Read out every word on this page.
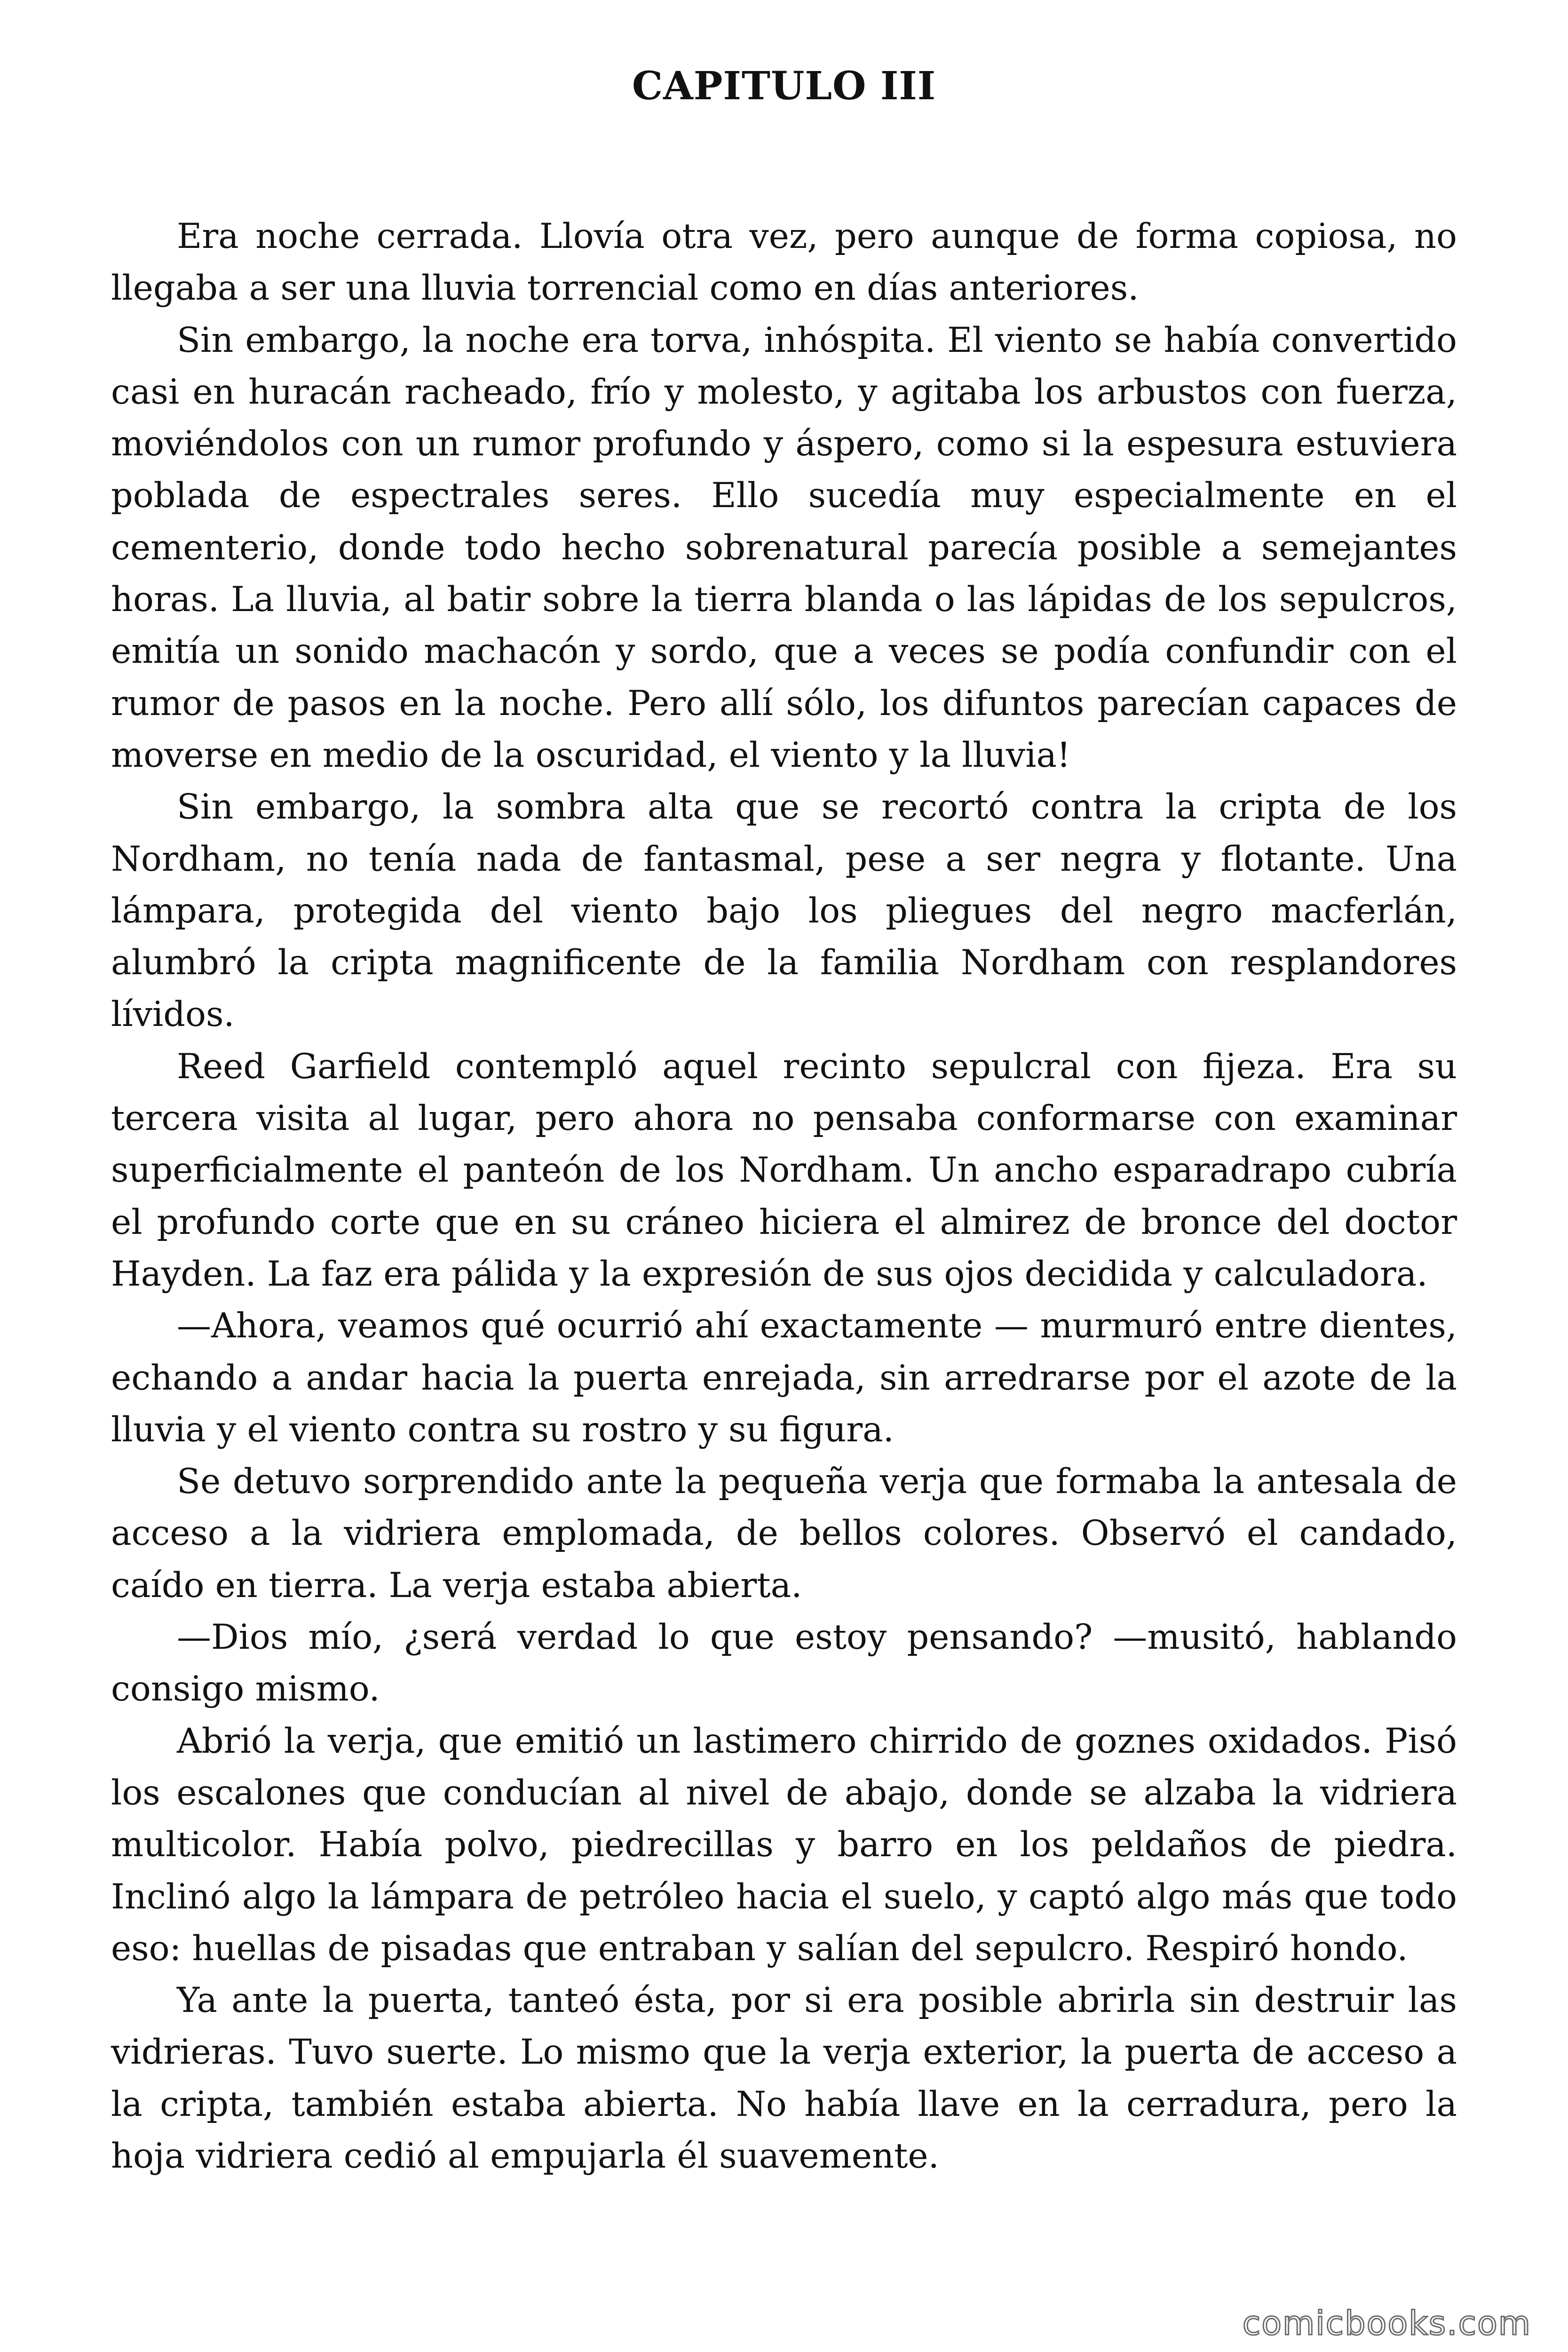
CAPITULO III

Era noche cerrada. Llovía otra vez, pero aunque de forma copiosa, no llegaba a ser una lluvia torrencial como en días anteriores.

Sin embargo, la noche era torva, inhóspita. El viento se había convertido casi en huracán racheado, frío y molesto, y agitaba los arbustos con fuerza, moviéndolos con un rumor profundo y áspero, como si la espesura estuviera poblada de espectrales seres. Ello sucedía muy especialmente en el cementerio, donde todo hecho sobrenatural parecía posible a semejantes horas. La lluvia, al batir sobre la tierra blanda o las lápidas de los sepulcros, emitía un sonido machacón y sordo, que a veces se podía confundir con el rumor de pasos en la noche. Pero allí sólo, los difuntos parecían capaces de moverse en medio de la oscuridad, el viento y la lluvia!

Sin embargo, la sombra alta que se recortó contra la cripta de los Nordham, no tenía nada de fantasmal, pese a ser negra y flotante. Una lámpara, protegida del viento bajo los pliegues del negro macferlán, alumbró la cripta magnificente de la familia Nordham con resplandores lívidos.

Reed Garfield contempló aquel recinto sepulcral con fijeza. Era su tercera visita al lugar, pero ahora no pensaba conformarse con examinar superficialmente el panteón de los Nordham. Un ancho esparadrapo cubría el profundo corte que en su cráneo hiciera el almirez de bronce del doctor Hayden. La faz era pálida y la expresión de sus ojos decidida y calculadora.

—Ahora, veamos qué ocurrió ahí exactamente — murmuró entre dientes, echando a andar hacia la puerta enrejada, sin arredrarse por el azote de la lluvia y el viento contra su rostro y su figura.

Se detuvo sorprendido ante la pequeña verja que formaba la antesala de acceso a la vidriera emplomada, de bellos colores. Observó el candado, caído en tierra. La verja estaba abierta.

—Dios mío, ¿será verdad lo que estoy pensando? —musitó, hablando consigo mismo.

Abrió la verja, que emitió un lastimero chirrido de goznes oxidados. Pisó los escalones que conducían al nivel de abajo, donde se alzaba la vidriera multicolor. Había polvo, piedrecillas y barro en los peldaños de piedra. Inclinó algo la lámpara de petróleo hacia el suelo, y captó algo más que todo eso: huellas de pisadas que entraban y salían del sepulcro. Respiró hondo.

Ya ante la puerta, tanteó ésta, por si era posible abrirla sin destruir las vidrieras. Tuvo suerte. Lo mismo que la verja exterior, la puerta de acceso a la cripta, también estaba abierta. No había llave en la cerradura, pero la hoja vidriera cedió al empujarla él suavemente.

comicbooks.com
